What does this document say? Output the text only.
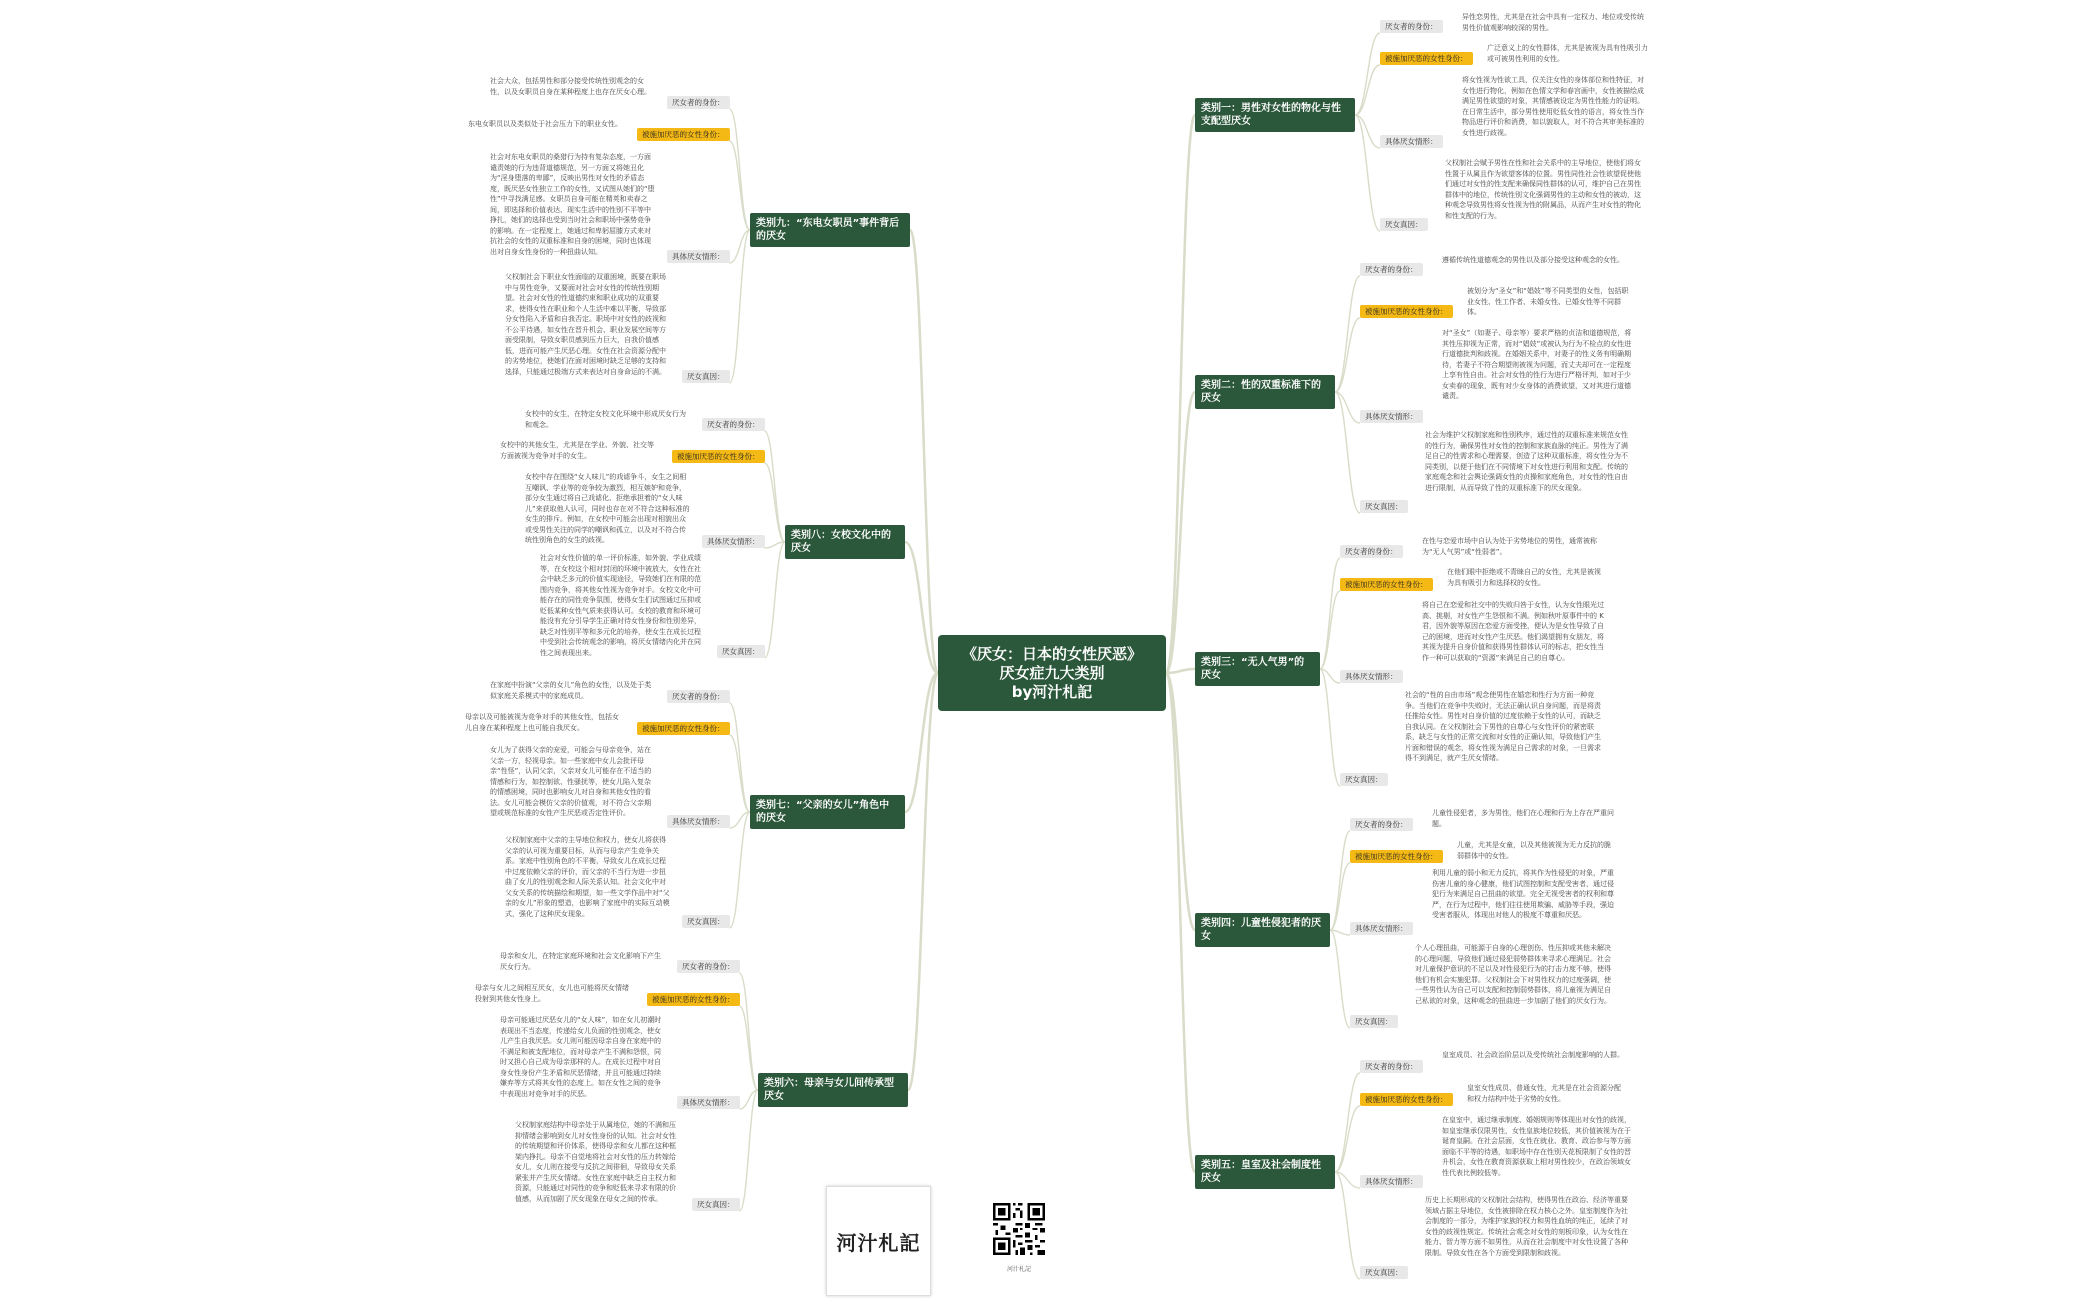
《厌女：日本的女性厌恶》
厌女症九大类别
by河汁札記
类别一：男性对女性的物化与性支配型厌女
厌女者的身份：
异性恋男性，尤其是在社会中具有一定权力、地位或受传统男性价值观影响较深的男性。
被施加厌恶的女性身份：
广泛意义上的女性群体，尤其是被视为具有性吸引力或可被男性利用的女性。
具体厌女情形：
将女性视为性欲工具，仅关注女性的身体部位和性特征，对女性进行物化，例如在色情文学和春宫画中，女性被描绘成满足男性欲望的对象，其情感被设定为男性性能力的证明。在日常生活中，部分男性使用贬低女性的语言，将女性当作物品进行评价和消费，如以貌取人，对不符合其审美标准的女性进行歧视。
厌女真因：
父权制社会赋予男性在性和社会关系中的主导地位，使他们将女性置于从属且作为欲望客体的位置。男性同性社会性欲望促使他们通过对女性的性支配来确保同性群体的认可，维护自己在男性群体中的地位，传统性别文化强调男性的主动和女性的被动，这种观念导致男性将女性视为性的附属品，从而产生对女性的物化和性支配的行为。
类别二：性的双重标准下的厌女
厌女者的身份：
遵循传统性道德观念的男性以及部分接受这种观念的女性。
被施加厌恶的女性身份：
被划分为“圣女”和“娼妓”等不同类型的女性，包括职业女性、性工作者、未婚女性、已婚女性等不同群体。
具体厌女情形：
对“圣女”（如妻子、母亲等）要求严格的贞洁和道德规范，将其性压抑视为正常，而对“娼妓”或被认为行为不检点的女性进行道德批判和歧视。在婚姻关系中，对妻子的性义务有明确期待，若妻子不符合期望则被视为问题，而丈夫却可在一定程度上享有性自由。社会对女性的性行为进行严格评判，如对于少女卖春的现象，既有对少女身体的消费欲望，又对其进行道德谴责。
厌女真因：
社会为维护父权制家庭和性别秩序，通过性的双重标准来规范女性的性行为，确保男性对女性的控制和家族血脉的纯正。男性为了满足自己的性需求和心理需要，创造了这种双重标准，将女性分为不同类别，以便于他们在不同情境下对女性进行利用和支配。传统的家庭观念和社会舆论强调女性的贞操和家庭角色，对女性的性自由进行限制，从而导致了性的双重标准下的厌女现象。
类别三：“无人气男”的厌女
厌女者的身份：
在性与恋爱市场中自认为处于劣势地位的男性，通常被称为“无人气男”或“性弱者”。
被施加厌恶的女性身份：
在他们眼中拒绝或不青睐自己的女性，尤其是被视为具有吸引力和选择权的女性。
具体厌女情形：
将自己在恋爱和社交中的失败归咎于女性，认为女性眼光过高、挑剔，对女性产生怨恨和不满。例如秋叶原事件中的 K 君，因外貌等原因在恋爱方面受挫，便认为是女性导致了自己的困境，进而对女性产生厌恶。他们渴望拥有女朋友，将其视为提升自身价值和获得男性群体认可的标志，把女性当作一种可以获取的“资源”来满足自己的自尊心。
厌女真因：
社会的“性的自由市场”观念使男性在婚恋和性行为方面一种竞争。当他们在竞争中失败时，无法正确认识自身问题，而是将责任推给女性。男性对自身价值的过度依赖于女性的认可，而缺乏自我认同。在父权制社会下男性的自尊心与女性评价的紧密联系，缺乏与女性的正常交流和对女性的正确认知，导致他们产生片面和错误的观念，将女性视为满足自己需求的对象，一旦需求得不到满足，就产生厌女情绪。
类别四：儿童性侵犯者的厌女
厌女者的身份：
儿童性侵犯者，多为男性，他们在心理和行为上存在严重问题。
被施加厌恶的女性身份：
儿童，尤其是女童，以及其他被视为无力反抗的脆弱群体中的女性。
具体厌女情形：
利用儿童的弱小和无力反抗，将其作为性侵犯的对象，严重伤害儿童的身心健康，他们试图控制和支配受害者，通过侵犯行为来满足自己扭曲的欲望。完全无视受害者的权利和尊严，在行为过程中，他们往往使用欺骗、威胁等手段，强迫受害者服从，体现出对他人的极度不尊重和厌恶。
厌女真因：
个人心理扭曲，可能源于自身的心理创伤、性压抑或其他未解决的心理问题，导致他们通过侵犯弱势群体来寻求心理满足。社会对儿童保护意识的不足以及对性侵犯行为的打击力度不够，使得他们有机会实施犯罪。父权制社会下对男性权力的过度强调，使一些男性认为自己可以支配和控制弱势群体，将儿童视为满足自己私欲的对象，这种观念的扭曲进一步加剧了他们的厌女行为。
类别五：皇室及社会制度性厌女
厌女者的身份：
皇室成员、社会政治阶层以及受传统社会制度影响的人群。
被施加厌恶的女性身份：
皇室女性成员、普通女性，尤其是在社会资源分配和权力结构中处于劣势的女性。
具体厌女情形：
在皇室中，通过继承制度、婚姻规则等体现出对女性的歧视，如皇室继承仅限男性，女性皇族地位较低，其价值被视为在于诞育皇嗣。在社会层面，女性在就业、教育、政治参与等方面面临不平等的待遇，如职场中存在性别天花板限制了女性的晋升机会，女性在教育资源获取上相对男性较少，在政治领域女性代表比例较低等。
厌女真因：
历史上长期形成的父权制社会结构，使得男性在政治、经济等重要领域占据主导地位，女性被排除在权力核心之外。皇室制度作为社会制度的一部分，为维护家族的权力和男性血统的纯正，延续了对女性的歧视性规定。传统社会观念对女性的刻板印象，认为女性在能力、智力等方面不如男性，从而在社会制度中对女性设置了各种限制。导致女性在各个方面受到限制和歧视。
类别九：“东电女职员”事件背后的厌女
厌女者的身份：
社会大众，包括男性和部分接受传统性别观念的女性，以及女职员自身在某种程度上也存在厌女心理。
被施加厌恶的女性身份：
东电女职员以及类似处于社会压力下的职业女性。
具体厌女情形：
社会对东电女职员的桑猎行为持有复杂态度，一方面谴责她的行为违背道德规范，另一方面又将她丑化为“淫身堕落的卑鄙”，反映出男性对女性的矛盾态度，既厌恶女性独立工作的女性，又试图从她们的“堕性”中寻找满足感。女职员自身可能在精英和卖春之间，即选择和价值表达、现实生活中的性别不平等中挣扎，她们的选择也受到当时社会和职场中强势竞争的影响。在一定程度上，她通过和卑躬屈膝方式来对抗社会的女性的双重标准和自身的困境，同时也体现出对自身女性身份的一种扭曲认知。
厌女真因：
父权制社会下职业女性面临的双重困境，既要在职场中与男性竞争，又要面对社会对女性的传统性别期望。社会对女性的性道德约束和职业成功的双重要求，使得女性在职业和个人生活中难以平衡，导致部分女性陷入矛盾和自我否定。职场中对女性的歧视和不公平待遇，如女性在晋升机会、职业发展空间等方面受限制，导致女职员感到压力巨大，自我价值感低，进而可能产生厌恶心理。女性在社会资源分配中的劣势地位，使她们在面对困境时缺乏足够的支持和选择，只能通过极端方式来表达对自身命运的不满。
类别八：女校文化中的厌女
厌女者的身份：
女校中的女生，在特定女校文化环境中形成厌女行为和观念。
被施加厌恶的女性身份：
女校中的其他女生，尤其是在学业、外貌、社交等方面被视为竞争对手的女生。
具体厌女情形：
女校中存在围绕“女人味儿”的戏谑争斗，女生之间相互嘲讽、学业等的竞争较为激烈，相互嫉妒和竞争，部分女生通过将自己戏谑化、拒绝承担着的“女人味儿”来获取他人认可，同时也存在对不符合这种标准的女生的排斥。例如，在女校中可能会出现对相貌出众或受男性关注的同学的嘲讽和孤立，以及对不符合传统性别角色的女生的歧视。
厌女真因：
社会对女性价值的单一评价标准，如外貌、学业成绩等，在女校这个相对封闭的环境中被放大，女性在社会中缺乏多元的价值实现途径，导致她们在有限的范围内竞争，将其他女性视为竞争对手。女校文化中可能存在的同性竞争氛围，使得女生们试图通过压抑或贬低某种女性气质来获得认可。女校的教育和环境可能没有充分引导学生正确对待女性身份和性别差异，缺乏对性别平等和多元化的培养，使女生在成长过程中受到社会传统观念的影响，将厌女情绪内化并在同性之间表现出来。
类别七：“父亲的女儿”角色中的厌女
厌女者的身份：
在家庭中扮演“父亲的女儿”角色的女性，以及处于类似家庭关系模式中的家庭成员。
被施加厌恶的女性身份：
母亲以及可能被视为竞争对手的其他女性，包括女儿自身在某种程度上也可能自我厌女。
具体厌女情形：
女儿为了获得父亲的宠爱，可能会与母亲竞争，站在父亲一方，轻视母亲。如一些家庭中女儿会批评母亲“性怪”，认同父亲，父亲对女儿可能存在不适当的情感和行为，如控制欲、性骚扰等，使女儿陷入复杂的情感困境，同时也影响女儿对自身和其他女性的看法。女儿可能会模仿父亲的价值观，对不符合父亲期望或规范标准的女性产生厌恶或否定性评价。
厌女真因：
父权制家庭中父亲的主导地位和权力，使女儿将获得父亲的认可视为重要目标，从而与母亲产生竞争关系。家庭中性别角色的不平衡，导致女儿在成长过程中过度依赖父亲的评价，而父亲的不当行为进一步扭曲了女儿的性别观念和人际关系认知。社会文化中对父女关系的传统描绘和期望，如一些文学作品中对“父亲的女儿”形象的塑造，也影响了家庭中的实际互动模式，强化了这种厌女现象。
类别六：母亲与女儿间传承型厌女
厌女者的身份：
母亲和女儿，在特定家庭环境和社会文化影响下产生厌女行为。
被施加厌恶的女性身份：
母亲与女儿之间相互厌女，女儿也可能将厌女情绪投射到其他女性身上。
具体厌女情形：
母亲可能通过厌恶女儿的“女人味”，如在女儿初潮时表现出不当态度，传递给女儿负面的性别观念，使女儿产生自我厌恶。女儿则可能因母亲自身在家庭中的不满足和被支配地位，而对母亲产生不满和怨恨，同时又担心自己成为母亲那样的人。在成长过程中对自身女性身份产生矛盾和厌恶情绪，并且可能通过持续嫌弃等方式将其女性的态度上。如在女性之间的竞争中表现出对竞争对手的厌恶。
厌女真因：
父权制家庭结构中母亲处于从属地位，她的不满和压抑情绪会影响到女儿对女性身份的认知。社会对女性的传统期望和评价体系，使得母亲和女儿都在这种框架内挣扎。母亲不自觉地将社会对女性的压力转嫁给女儿，女儿则在接受与反抗之间徘徊，导致母女关系紧张并产生厌女情绪。女性在家庭中缺乏自主权力和资源，只能通过对同性的竞争和贬低来寻求有限的价值感，从而加剧了厌女现象在母女之间的传承。
河汁札記
河汁札記
